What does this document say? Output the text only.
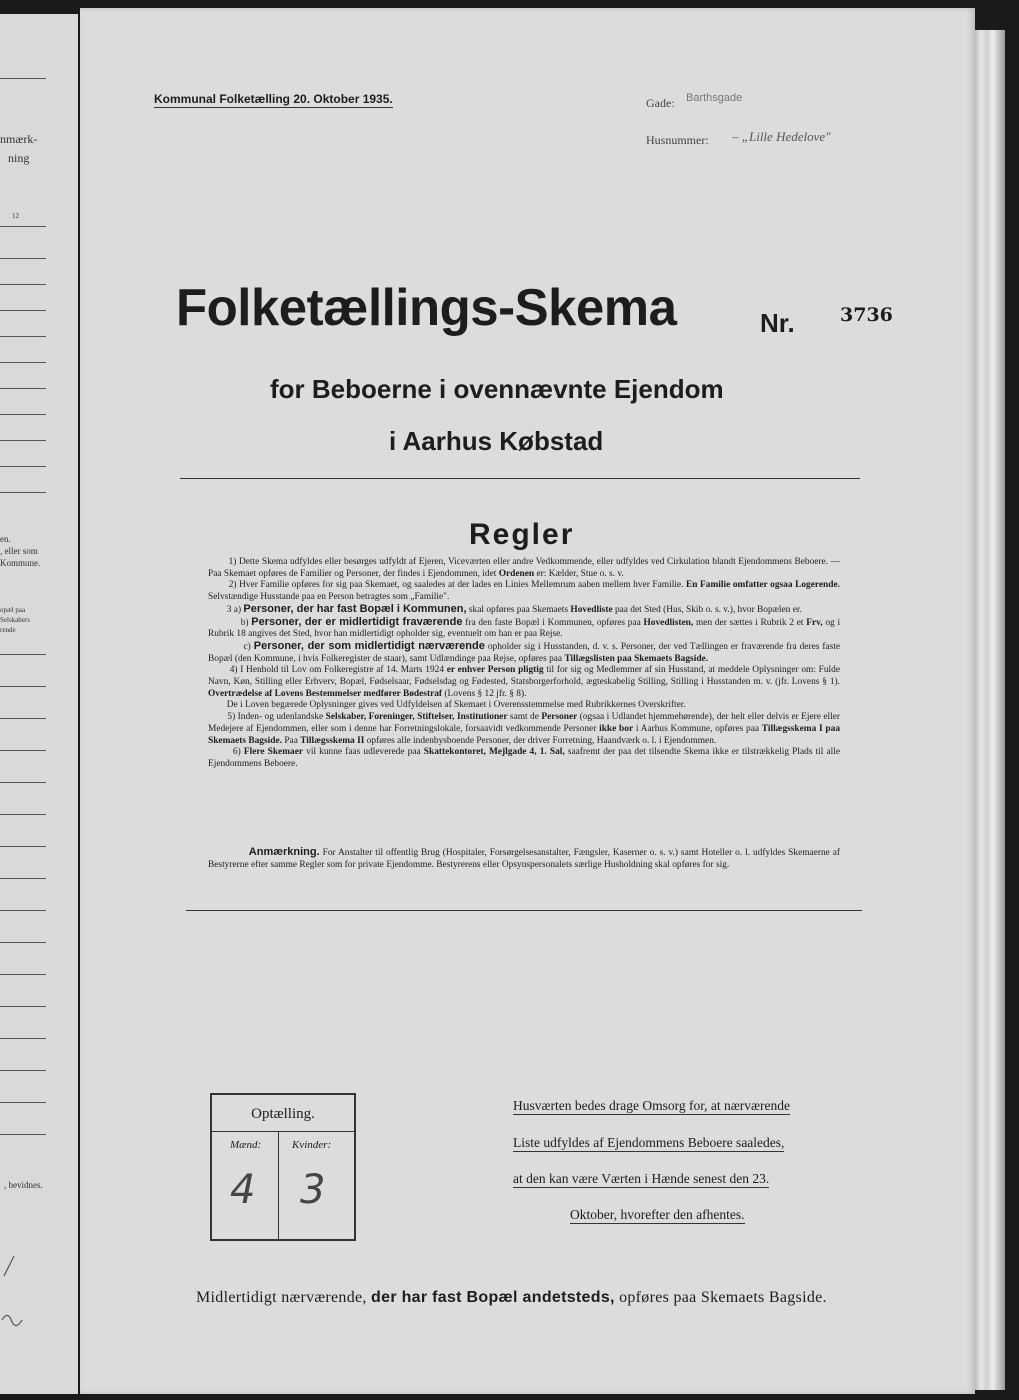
nmærk-
ning
12
en.
, eller som
Kommune.
opæl paa
Selskabers
rende
, bevidnes.
Kommunal Folketælling 20. Oktober 1935.	Gade: Barthsgade
Husnummer: – „Lille Hedelove"
Folketællings-Skema	Nr. 3736
for Beboerne i ovennævnte Ejendom
i Aarhus Købstad
Regler

1) Dette Skema udfyldes eller besørges udfyldt af Ejeren, Viceværten eller andre Vedkommende, eller udfyldes ved Cirkulation blandt Ejendommens Beboere. — Paa Skemaet opføres de Familier og Personer, der findes i Ejendommen, idet Ordenen er: Kælder, Stue o. s. v.

2) Hver Familie opføres for sig paa Skemaet, og saaledes at der lades en Linies Mellemrum aaben mellem hver Familie. En Familie omfatter ogsaa Logerende. Selvstændige Husstande paa en Person betragtes som „Familie".

3 a) Personer, der har fast Bopæl i Kommunen, skal opføres paa Skemaets Hovedliste paa det Sted (Hus, Skib o. s. v.), hvor Bopælen er.

b) Personer, der er midlertidigt fraværende fra den faste Bopæl i Kommunen, opføres paa Hovedlisten, men der sættes i Rubrik 2 et Frv, og i Rubrik 18 angives det Sted, hvor han midlertidigt opholder sig, eventuelt om han er paa Rejse.

c) Personer, der som midlertidigt nærværende opholder sig i Husstanden, d. v. s. Personer, der ved Tællingen er fraværende fra deres faste Bopæl (den Kommune, i hvis Folkeregister de staar), samt Udlændinge paa Rejse, opføres paa Tillægslisten paa Skemaets Bagside.

4) I Henhold til Lov om Folkeregistre af 14. Marts 1924 er enhver Person pligtig til for sig og Medlemmer af sin Husstand, at meddele Oplysninger om: Fulde Navn, Køn, Stilling eller Erhverv, Bopæl, Fødselsaar, Fødselsdag og Fødested, Statsborgerforhold, ægteskabelig Stilling, Stilling i Husstanden m. v. (jfr. Lovens § 1). Overtrædelse af Lovens Bestemmelser medfører Bødestraf (Lovens § 12 jfr. § 8).

De i Loven begærede Oplysninger gives ved Udfyldelsen af Skemaet i Overensstemmelse med Rubrikkernes Overskrifter.

5) Inden- og udenlandske Selskaber, Foreninger, Stiftelser, Institutioner samt de Personer (ogsaa i Udlandet hjemmehørende), der helt eller delvis er Ejere eller Medejere af Ejendommen, eller som i denne har Forretningslokale, forsaavidt vedkommende Personer ikke bor i Aarhus Kommune, opføres paa Tillægsskema I paa Skemaets Bagside. Paa Tillægsskema II opføres alle indenbysboende Personer, der driver Forretning, Haandværk o. l. i Ejendommen.

6) Flere Skemaer vil kunne faas udleverede paa Skattekontoret, Mejlgade 4, 1. Sal, saafremt der paa det tilsendte Skema ikke er tilstrækkelig Plads til alle Ejendommens Beboere.

Anmærkning. For Anstalter til offentlig Brug (Hospitaler, Forsørgelsesanstalter, Fængsler, Kaserner o. s. v.) samt Hoteller o. l. udfyldes Skemaerne af Bestyrerne efter samme Regler som for private Ejendomme. Bestyrerens eller Opsynspersonalets særlige Husholdning skal opføres for sig.
Optælling.
Mænd:	Kvinder:
4 3
Husværten bedes drage Omsorg for, at nærværende
Liste udfyldes af Ejendommens Beboere saaledes,
at den kan være Værten i Hænde senest den 23.
Oktober, hvorefter den afhentes.
Midlertidigt nærværende, der har fast Bopæl andetsteds, opføres paa Skemaets Bagside.
